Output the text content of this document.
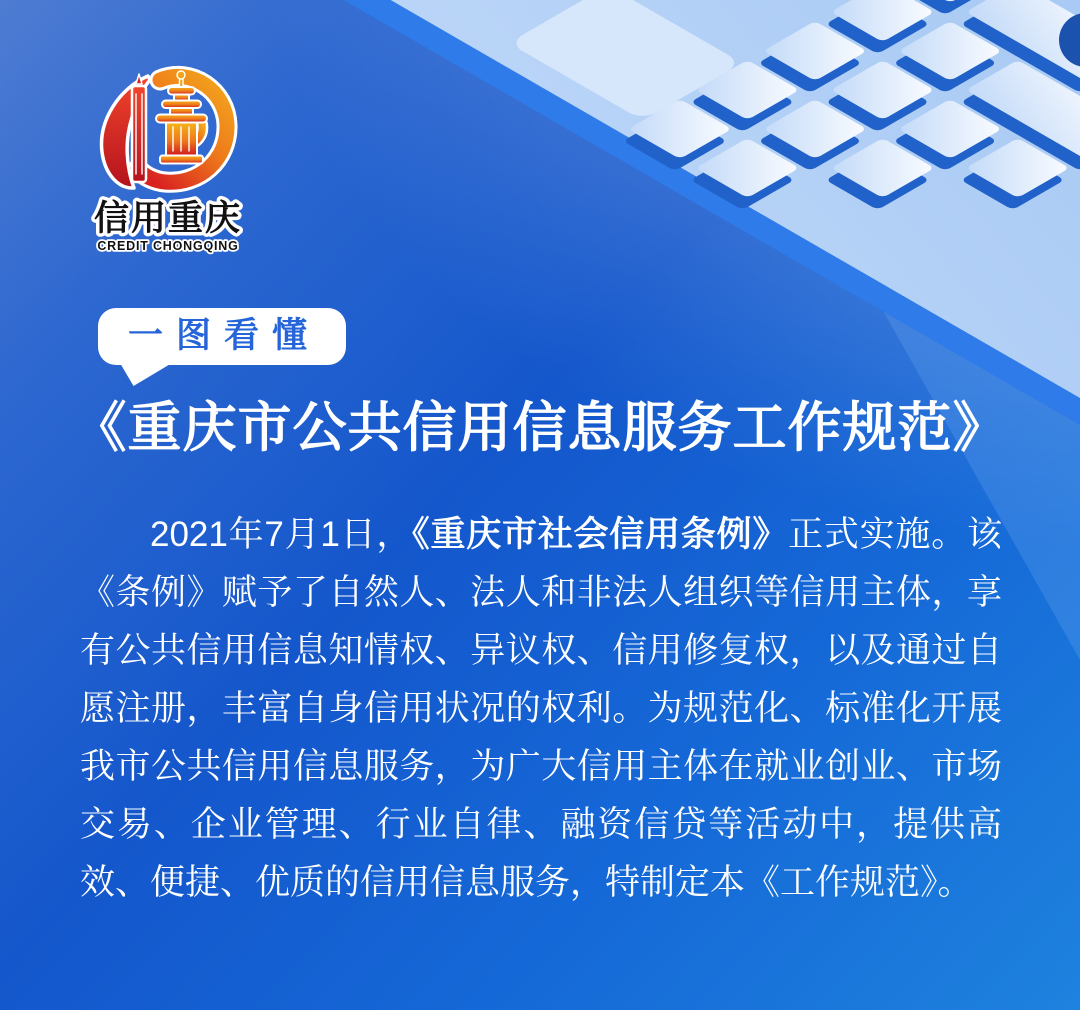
信用重庆
CREDIT CHONGQING
一图看懂
《重庆市公共信用信息服务工作规范》

2021年7月1日，《重庆市社会信用条例》正式实施。该《条例》赋予了自然人、法人和非法人组织等信用主体，享有公共信用信息知情权、异议权、信用修复权，以及通过自愿注册，丰富自身信用状况的权利。为规范化、标准化开展我市公共信用信息服务，为广大信用主体在就业创业、市场交易、企业管理、行业自律、融资信贷等活动中，提供高效、便捷、优质的信用信息服务，特制定本《工作规范》。
